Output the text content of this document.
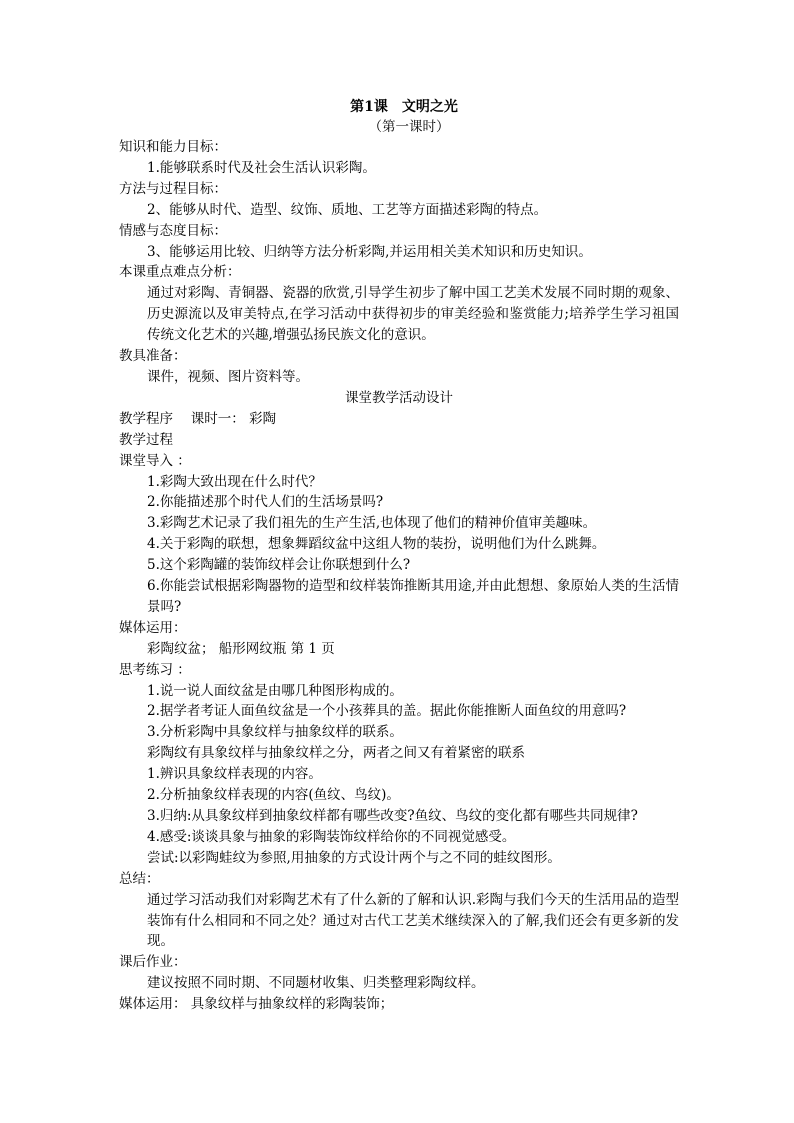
第1课　文明之光
（第一课时）
知识和能力目标：
1.能够联系时代及社会生活认识彩陶。
方法与过程目标：
2、能够从时代、造型、纹饰、质地、工艺等方面描述彩陶的特点。
情感与态度目标：
3、能够运用比较、归纳等方法分析彩陶,并运用相关美术知识和历史知识。
本课重点难点分析：
通过对彩陶、青铜器、瓷器的欣赏,引导学生初步了解中国工艺美术发展不同时期的观象、历史源流以及审美特点,在学习活动中获得初步的审美经验和鉴赏能力;培养学生学习祖国传统文化艺术的兴趣,增强弘扬民族文化的意识。
教具准备：
课件，视频、图片资料等。
课堂教学活动设计
教学程序　 课时一： 彩陶
教学过程
课堂导入 ：
1.彩陶大致出现在什么时代？
2.你能描述那个时代人们的生活场景吗?
3.彩陶艺术记录了我们祖先的生产生活,也体现了他们的精神价值审美趣味。
4.关于彩陶的联想，想象舞蹈纹盆中这组人物的装扮，说明他们为什么跳舞。
5.这个彩陶罐的装饰纹样会让你联想到什么?
6.你能尝试根据彩陶器物的造型和纹样装饰推断其用途,并由此想想、象原始人类的生活情景吗?
媒体运用：
彩陶纹盆； 船形网纹瓶 第 1 页
思考练习 ：
1.说一说人面纹盆是由哪几种图形构成的。
2.据学者考证人面鱼纹盆是一个小孩葬具的盖。据此你能推断人面鱼纹的用意吗?
3.分析彩陶中具象纹样与抽象纹样的联系。
彩陶纹有具象纹样与抽象纹样之分，两者之间又有着紧密的联系
1.辨识具象纹样表现的内容。
2.分析抽象纹样表现的内容(鱼纹、鸟纹)。
3.归纳:从具象纹样到抽象纹样都有哪些改变?鱼纹、鸟纹的变化都有哪些共同规律?
4.感受:谈谈具象与抽象的彩陶装饰纹样给你的不同视觉感受。
尝试:以彩陶蛙纹为参照,用抽象的方式设计两个与之不同的蛙纹图形。
总结：
通过学习活动我们对彩陶艺术有了什么新的了解和认识.彩陶与我们今天的生活用品的造型装饰有什么相同和不同之处？通过对古代工艺美术继续深入的了解,我们还会有更多新的发现。
课后作业：
建议按照不同时期、不同题材收集、归类整理彩陶纹样。
媒体运用： 具象纹样与抽象纹样的彩陶装饰；
